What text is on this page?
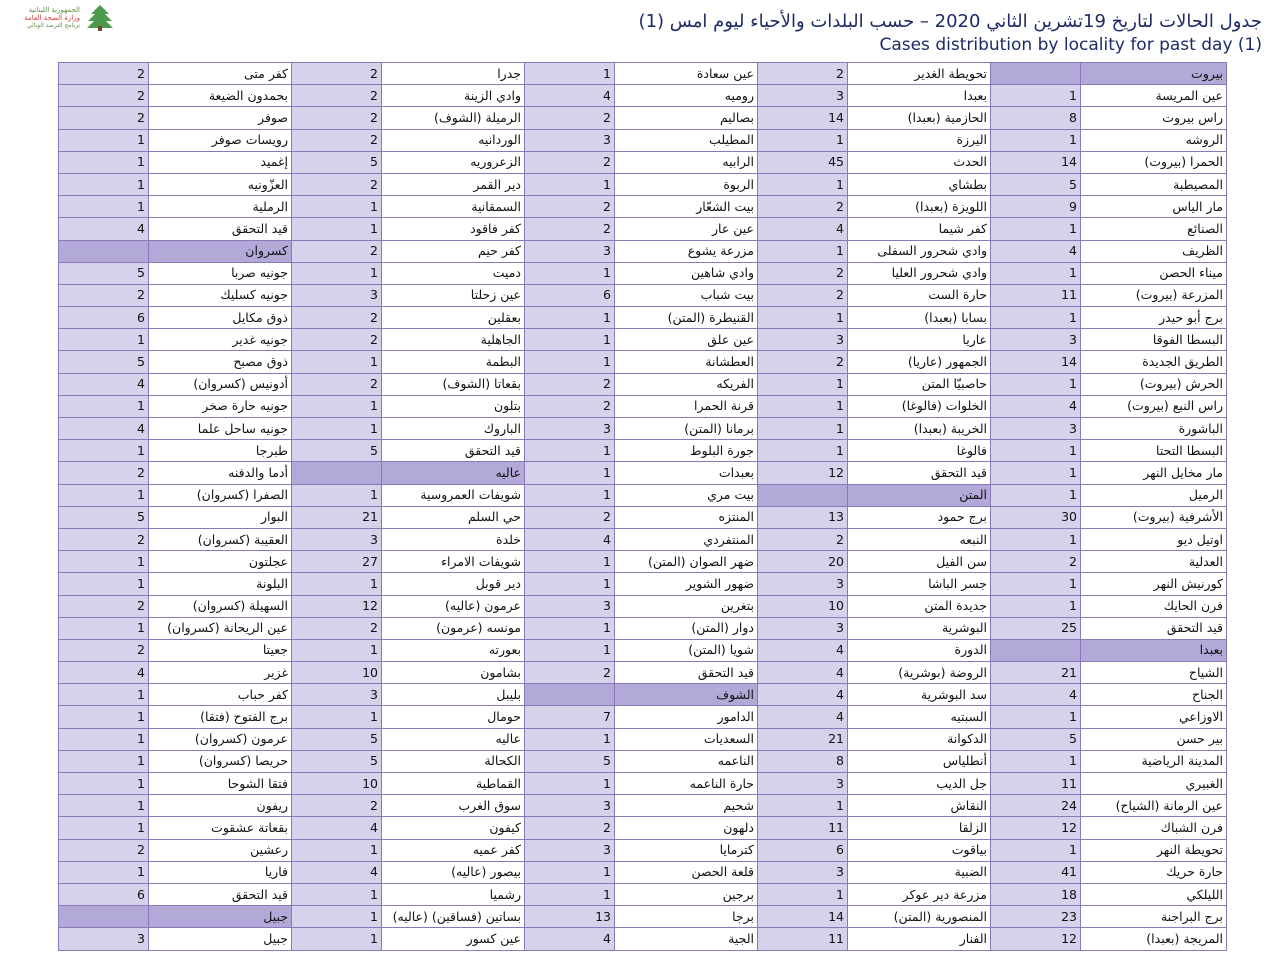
الجمهورية اللبنانية
وزارة الصحة العامة
برنامج الترصد الوبائي	جدول الحالات لتاريخ 19تشرين الثاني 2020 – حسب البلدات والأحياء ليوم امس (1)
Cases distribution by locality for past day (1)
2	كفر متى	2	جدرا	1	عين سعادة	2	تحويطة الغدير		بيروت
2	بحمدون الضيعة	2	وادي الزينة	4	روميه	3	بعبدا	1	عين المريسة
2	صوفر	2	الرميلة (الشوف)	2	بصاليم	14	الحازمية (بعبدا)	8	راس بيروت
1	رويسات صوفر	2	الوردانيه	3	المطيلب	1	اليرزة	1	الروشه
1	إغميد	5	الزعروريه	2	الرابيه	45	الحدث	14	الحمرا (بيروت)
1	العزّونيه	2	دير القمر	1	الربوة	1	بطشاي	5	المصيطبة
1	الرملية	1	السمقانية	2	بيت الشعّار	2	اللويزة (بعبدا)	9	مار الياس
4	قيد التحقق	1	كفر فاقود	2	عين عار	4	كفر شيما	1	الصنائع
	كسروان	2	كفر حيم	3	مزرعة يشوع	1	وادي شحرور السفلى	4	الظريف
5	جونيه صربا	1	دميت	1	وادي شاهين	2	وادي شحرور العليا	1	ميناء الحصن
2	جونيه كسليك	3	عين زحلتا	6	بيت شباب	2	حارة الست	11	المزرعة (بيروت)
6	ذوق مكايل	2	بعقلين	1	القنيطرة (المتن)	1	بسابا (بعبدا)	1	برج أبو حيدر
1	جونيه غدير	2	الجاهلية	1	عين علق	3	عاريا	3	البسطا الفوقا
5	ذوق مصبح	1	البطمة	1	العطشانة	2	الجمهور (عاريا)	14	الطريق الجديدة
4	أدونيس (كسروان)	2	بقعاتا (الشوف)	2	الفريكه	1	حاصبيّا المتن	1	الحرش (بيروت)
1	جونيه حارة صخر	1	بتلون	2	قرنة الحمرا	1	الخلوات (فالوغا)	4	راس النبع (بيروت)
4	جونيه ساحل علما	1	الباروك	3	برمانا (المتن)	1	الخريبة (بعبدا)	3	الباشورة
1	طبرجا	5	قيد التحقق	1	جورة البلوط	1	فالوغا	1	البسطا التحتا
2	أدما والدفنه		عاليه	1	بعبدات	12	قيد التحقق	1	مار مخايل النهر
1	الصفرا (كسروان)	1	شويفات العمروسية	1	بيت مري		المتن	1	الرميل
5	البوار	21	حي السلم	2	المنتزه	13	برج حمود	30	الأشرفية (بيروت)
2	العقيبة (كسروان)	3	خلدة	4	المنتفردي	2	النبعه	1	اوتيل ديو
1	عجلتون	27	شويفات الامراء	1	ضهر الصوان (المتن)	20	سن الفيل	2	العدلية
1	البلونة	1	دير قوبل	1	ضهور الشوير	3	جسر الباشا	1	كورنيش النهر
2	السهيلة (كسروان)	12	عرمون (عاليه)	3	بتغرين	10	جديدة المتن	1	فرن الحايك
1	عين الريحانة (كسروان)	2	مونسه (عرمون)	1	دوار (المتن)	3	البوشرية	25	قيد التحقق
2	جعيتا	1	بعورته	1	شويا (المتن)	4	الدورة		بعبدا
4	غزير	10	بشامون	2	قيد التحقق	4	الروضة (بوشرية)	21	الشياح
1	كفر حباب	3	بليبل		الشوف	4	سد البوشرية	4	الجناح
1	برج الفتوح (فتقا)	1	حومال	7	الدامور	4	السبتيه	1	الاوزاعي
1	عرمون (كسروان)	5	عاليه	1	السعديات	21	الدكوانة	5	بير حسن
1	حريصا (كسروان)	5	الكحالة	5	الناعمه	8	أنطلياس	1	المدينة الرياضية
1	فتقا الشوحا	10	القماطية	1	حارة الناعمه	3	جل الديب	11	الغبيري
1	ريفون	2	سوق الغرب	3	شحيم	1	النقاش	24	عين الرمانة (الشياح)
1	بقعاتة عشقوت	4	كيفون	2	دلهون	11	الزلقا	12	فرن الشباك
2	رعشين	1	كفر عميه	3	كترمايا	6	بياقوت	1	تحويطة النهر
1	فاريا	4	بيصور (عاليه)	1	قلعة الحصن	3	الضبية	41	حارة حريك
6	قيد التحقق	1	رشميا	1	برجين	1	مزرعة دير عوكر	18	الليلكي
	جبيل	1	بساتين (فساقين) (عاليه)	13	برجا	14	المنصورية (المتن)	23	برج البراجنة
3	جبيل	1	عين كسور	4	الجية	11	الفنار	12	المريجة (بعبدا)
